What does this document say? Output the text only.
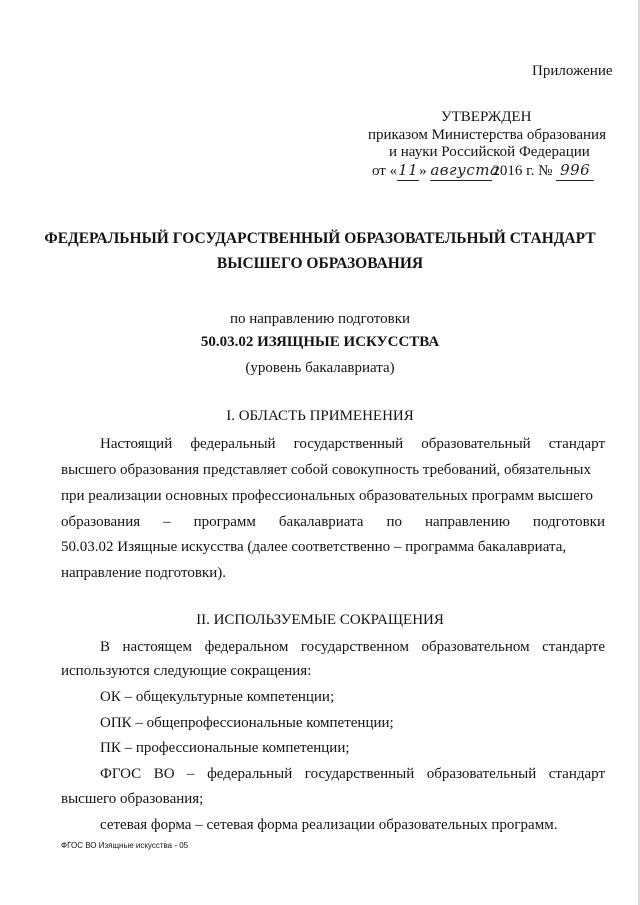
Приложение
УТВЕРЖДЕН
приказом Министерства образования
и науки Российской Федерации
от «11» августа2016 г. № 996
ФЕДЕРАЛЬНЫЙ ГОСУДАРСТВЕННЫЙ ОБРАЗОВАТЕЛЬНЫЙ СТАНДАРТ
ВЫСШЕГО ОБРАЗОВАНИЯ
по направлению подготовки
50.03.02 ИЗЯЩНЫЕ ИСКУССТВА
(уровень бакалавриата)
I. ОБЛАСТЬ ПРИМЕНЕНИЯ
Настоящий федеральный государственный образовательный стандарт
высшего образования представляет собой совокупность требований, обязательных
при реализации основных профессиональных образовательных программ высшего
образования – программ бакалавриата по направлению подготовки
50.03.02 Изящные искусства (далее соответственно – программа бакалавриата,
направление подготовки).
II. ИСПОЛЬЗУЕМЫЕ СОКРАЩЕНИЯ
В настоящем федеральном государственном образовательном стандарте
используются следующие сокращения:
ОК – общекультурные компетенции;
ОПК – общепрофессиональные компетенции;
ПК – профессиональные компетенции;
ФГОС ВО – федеральный государственный образовательный стандарт
высшего образования;
сетевая форма – сетевая форма реализации образовательных программ.
ФГОС ВО Изящные искусства - 05
